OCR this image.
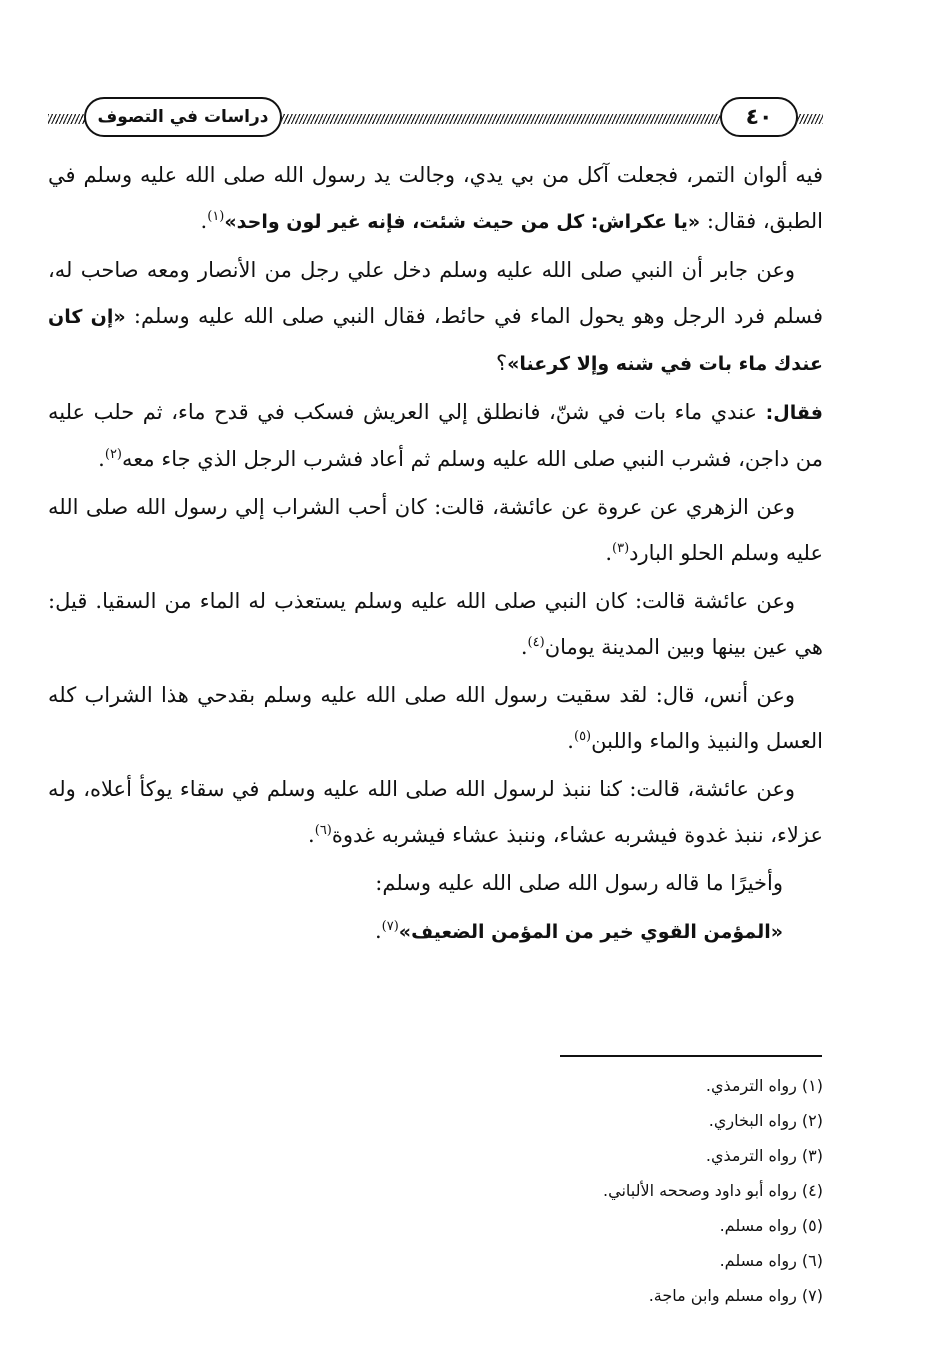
دراسات في التصوف	٤٠

فيه ألوان التمر، فجعلت آكل من بي يدي، وجالت يد رسول الله صلى الله عليه وسلم في الطبق، فقال: «يا عكراش: كل من حيث شئت، فإنه غير لون واحد»$^{(١)}$.

وعن جابر أن النبي صلى الله عليه وسلم دخل علي رجل من الأنصار ومعه صاحب له، فسلم فرد الرجل وهو يحول الماء في حائط، فقال النبي صلى الله عليه وسلم: «إن كان عندك ماء بات في شنه وإلا كرعنا»؟

فقال: عندي ماء بات في شنّ، فانطلق إلي العريش فسكب في قدح ماء، ثم حلب عليه من داجن، فشرب النبي صلى الله عليه وسلم ثم أعاد فشرب الرجل الذي جاء معه$^{(٢)}$.

وعن الزهري عن عروة عن عائشة، قالت: كان أحب الشراب إلي رسول الله صلى الله عليه وسلم الحلو البارد$^{(٣)}$.

وعن عائشة قالت: كان النبي صلى الله عليه وسلم يستعذب له الماء من السقيا. قيل: هي عين بينها وبين المدينة يومان$^{(٤)}$.

وعن أنس، قال: لقد سقيت رسول الله صلى الله عليه وسلم بقدحي هذا الشراب كله العسل والنبيذ والماء واللبن$^{(٥)}$.

وعن عائشة، قالت: كنا ننبذ لرسول الله صلى الله عليه وسلم في سقاء يوكأ أعلاه، وله عزلاء، ننبذ غدوة فيشربه عشاء، وننبذ عشاء فيشربه غدوة$^{(٦)}$.

وأخيرًا ما قاله رسول الله صلى الله عليه وسلم:

«المؤمن القوي خير من المؤمن الضعيف»$^{(٧)}$.

(١) رواه الترمذي.
(٢) رواه البخاري.
(٣) رواه الترمذي.
(٤) رواه أبو داود وصححه الألباني.
(٥) رواه مسلم.
(٦) رواه مسلم.
(٧) رواه مسلم وابن ماجة.
